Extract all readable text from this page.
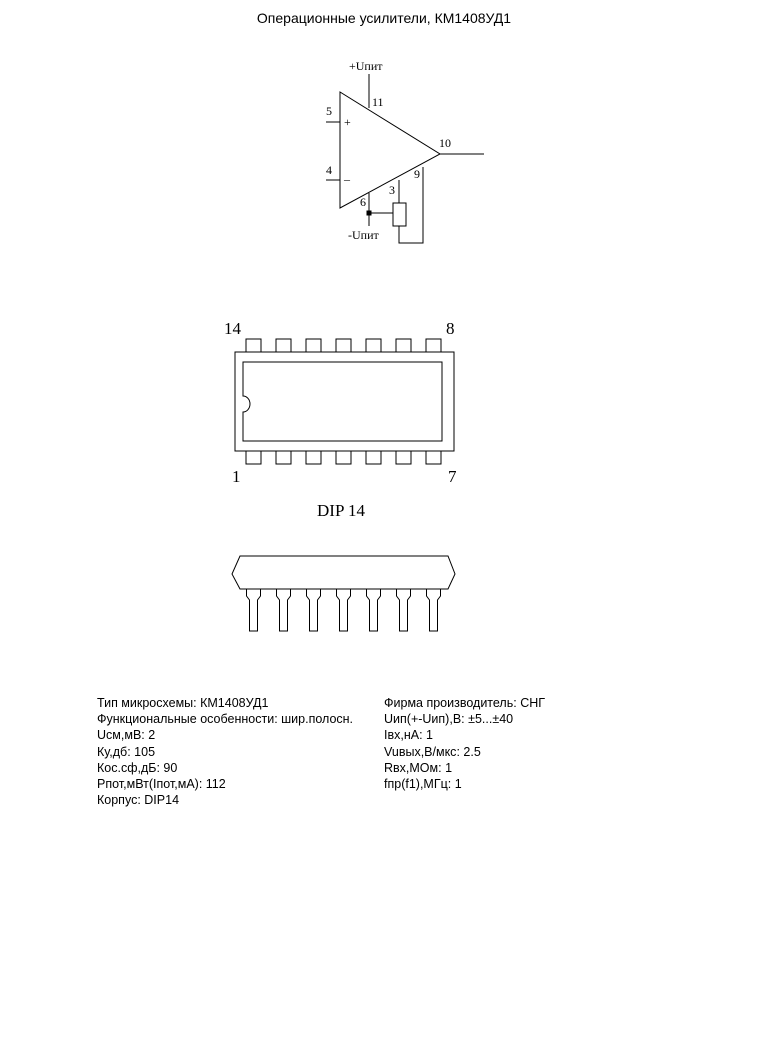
Операционные усилители, КМ1408УД1
+Uпит
11
5
+
4
–
10
6
3
9
-Uпит
14	8
1	7
DIP 14
Тип микросхемы: КМ1408УД1
Функциональные особенности: шир.полосн.
Uсм,мВ: 2
Ку,дб: 105
Кос.сф,дБ: 90
Pпот,мВт(Iпот,мА): 112
Корпус: DIP14
Фирма производитель: СНГ
Uип(+-Uип),В: ±5...±40
Iвх,нА: 1
Vuвых,В/мкс: 2.5
Rвх,МОм: 1
fпр(f1),МГц: 1
